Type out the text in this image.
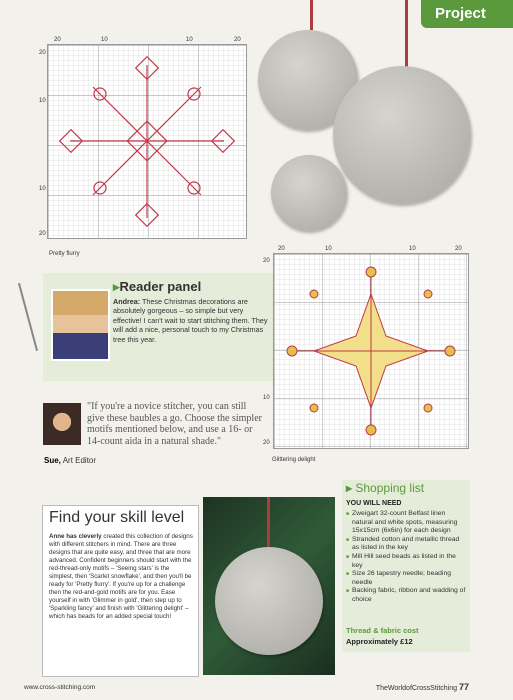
Project
20	10	10	20
20
10
10
20
Pretty flurry
20	10	10	20
20
10
20
Glittering delight
▸Reader panel
Andrea: These Christmas decorations are absolutely gorgeous – so simple but very effective! I can't wait to start stitching them. They will add a nice, personal touch to my Christmas tree this year.
"If you're a novice stitcher, you can still give these baubles a go. Choose the simpler motifs mentioned below, and use a 16- or 14-count aida in a natural shade."
Sue, Art Editor
Find your skill level
Anne has cleverly created this collection of designs with different stitchers in mind. There are three designs that are quite easy, and three that are more advanced. Confident beginners should start with the red-thread-only motifs – 'Seeing stars' is the simplest, then 'Scarlet snowflake', and then you'll be ready for 'Pretty flurry'. If you're up for a challenge then the red-and-gold motifs are for you. Ease yourself in with 'Glimmer in gold', then step up to 'Sparkling fancy' and finish with 'Glittering delight' – which has beads for an added special touch!
▸ Shopping list
YOU WILL NEED
■ Zweigart 32-count Belfast linen natural and white spots, measuring 15x15cm (6x6in) for each design
■ Stranded cotton and metallic thread as listed in the key
■ Mill Hill seed beads as listed in the key
■ Size 26 tapestry needle; beading needle
■ Backing fabric, ribbon and wadding of choice
Thread & fabric cost
Approximately £12
www.cross-stitching.com	TheWorldofCrossStitching 77
